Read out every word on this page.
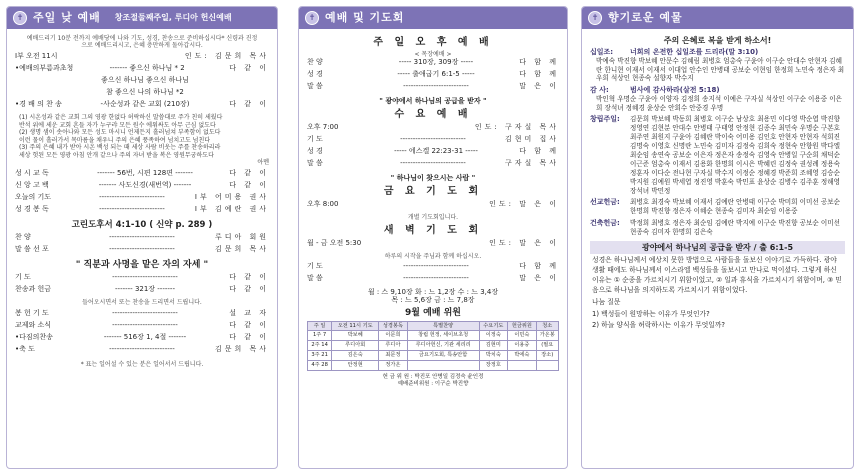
✝ 주일 낮 예배 창조절둘째주일, 루디아 헌신예배
예배드리기 10분 전까지 예배당에 나와 기도, 성경, 찬송으로 준비하십시다* 신령과 진정으로 예배드리시고, 은혜 충만하게 돌아갑시다.
Ⅰ부 오전 11시	인도: 김문희 목사
•예배의부름과초청	------- 좋으신 하나님 * 2	다 같 이
좋으신 하나님 좋으신 하나님
참 좋으신 나의 하나님 *2
•경 배 의 찬 송	-사순성과 같은 교회 (210장)	다 같 이
(1) 시온성과 같은 교회 그의 영광 한없다 허락하신 말씀대로 주가 친히 세웠다
반석 위에 세운 교회 흔들 자가 누구랴 모든 원수 에워싸도 아무 근심 없도다
(2) 생명 샘이 솟아나와 모든 성도 마시니 언제든지 흘러넘쳐 부족함이 없도다
이런 물이 흘러가서 목마름을 채우니 주의 은혜 풍족하여 넘치고도 넘친다
(3) 주의 은혜 내가 받아 시온 백성 되는 때 세상 사람 비웃는 주를 찬송하리라
세상 헛된 모든 영광 아침 안개 같으나 주의 자녀 받을 복은 영원무궁하도다
아멘
성 시 교 독	------- 56번, 시편 128편 -------	다 같 이
신 앙 고 백	------- 사도신경(새번역) -------	다 같 이
오늘의 기도	--------------------------	Ⅰ부 어미용 권사
성 경 봉 독	--------------------------	Ⅰ부 김예란 권사
고린도후서 4:1-10 ( 신약 p. 289 )
찬 양	--------------------------	루디아 회원
말 씀 선 포	--------------------------	김문희 목사
" 직분과 사명을 맡은 자의 자세 "
기 도	--------------------------	다 같 이
찬송과 헌금	------- 321장 -------	다 같 이
들어오시면서 또는 찬송을 드리면서 드립니다.
봉 헌 기 도	--------------------------	설 교 자
교제와 소식	--------------------------	다 같 이
•다짐의찬송	------- 516장 1, 4절 -------	다 같 이
•축 도	--------------------------	김문희 목사
* 표는 일어설 수 있는 분은 일어서서 드립니다.
✝ 예배 및 기도회
주 일 오 후 예 배
< 목장예배 >
찬 양	----- 310장, 309장 -----	다 함 께
성 경	----- 출애굽기 6:1-5 -----	다 함 께
말 씀	--------------------------	말 은 이
" 광야에서 하나님의 공급을 받자 "
수 요 예 배
오후 7:00	인도: 구자실 목사
기 도	--------------------------	김현미 집사
성 경	----- 에스겔 22:23-31 -----	다 함 께
말 씀	--------------------------	구자실 목사
" 하나님이 찾으시는 사람 "
금 요 기 도 회
오후 8:00	인도: 말 은 이
개별 기도회입니다.
새 벽 기 도 회
월 - 금 오전 5:30	인도: 말 은 이
하루의 시작을 주님과 함께 하십시오.
기 도	--------------------------	다 함 께
말 씀	--------------------------	말 은 이
월 : 스 9,10장 화 : 느 1,2장 수 : 느 3,4장
목 : 느 5,6장 금 : 느 7,8장
9월 예배 위원
주 일	오전 11시 기도	성경봉독	특별찬양	수요기도	헌금위원	청소
1주 7	박보혜	이문희	창립 헌정, 세이브초청	이정숙	이민숙	가온봉
2주 14	루디아회	루디아	루디아헌신, 기관 세리리	김현미	이용중	(필요
3주 21	김은숙	최문정	금요기도회, 특송안함	박치숙	박에숙	장소)
4주 28	안정현	정가온		장정호		
헌 금 위 원 : 박진포 안병일 김정숙 윤인정
예배준비위원 : 이구순 박진향
✝ 향기로운 예물
주의 은혜로 복을 받게 하소서!
십일조:	너희의 온전한 십일조를 드리라(말 3:10)
박예숙 박진향 박보혜 안문수 김혜림 최병호 엄총숙 구윤아 이구순 안대수 안현자 김혜란 한니현 이재서 이재서 이대업 안수인 안병태 공보순 이현임 한정희 노민숙 정은자 최우희 석상인 현종숙 설향자 박수지
감 사:	범사에 감사하라(살전 5:18)
박인혁 우명순 구윤아 이양자 김정희 송지석 이예은 구자실 석상인 이구순 이용중 이은희 장석녀 정혜경 윤상순 안회수 안중경 우명
창립주일:	김문희 박보혜 박동희 최병호 이구순 남상호 최용민 이다영 박순엽 박진향 정영연 김현분 안대수 안병태 구태영 안정현 김종수 최민숙 우명순 구본호 최주연 최원지 구윤아 김혜란 박이숙 어미용 김인호 안현자 안현자 석희진 김명숙 이영호 신명란 노민숙 김미자 김정숙 김희숙 정현숙 안향원 박다엘 최순임 송연숙 공보순 이은자 정은자 송정숙 김영숙 안병일 구순희 채덕순 이근준 엄총숙 이재서 김용화 한명희 이시은 박혜린 김정숙 권성례 정용숙 정훈자 이다순 전나현 구자실 박수지 이정순 정혜경 박준희 조혜영 김승순 박지원 김예원 박세엽 정진영 박훈숙 박민표 윤상순 김병수 김주훈 정해영 장석녀 박민정
선교헌금:	최병호 최경숙 박보혜 이재서 김예란 안병태 이구순 박미희 이미선 공보순 한명희 박진향 정은자 이혜순 현종숙 김미자 최순임 이용중
건축헌금:	박정희 최병호 정은자 최순임 김예란 박지예 이구순 박진향 공보순 이미선 현종숙 김미자 한명희 김은숙
광야에서 하나님의 공급을 받자 / 출 6:1-5
성경은 하나님께서 예상치 못한 방법으로 사람들을 돌보신 이야기로 가득하다. 광야생활 때에도 하나님께서 이스라엘 백성들을 돌보시고 만나로 먹이셨다. 그렇게 하신 이유는 ① 순종을 가르치시기 위함이었고, ② 일과 휴식을 가르치시기 위함이며, ③ 믿음으로 하나님을 의지하도록 가르치시기 위함이었다.
나눔 질문
1) 백성들이 원망하는 이유가 무엇인가?
2) 하늘 양식을 허락하시는 이유가 무엇일까?
